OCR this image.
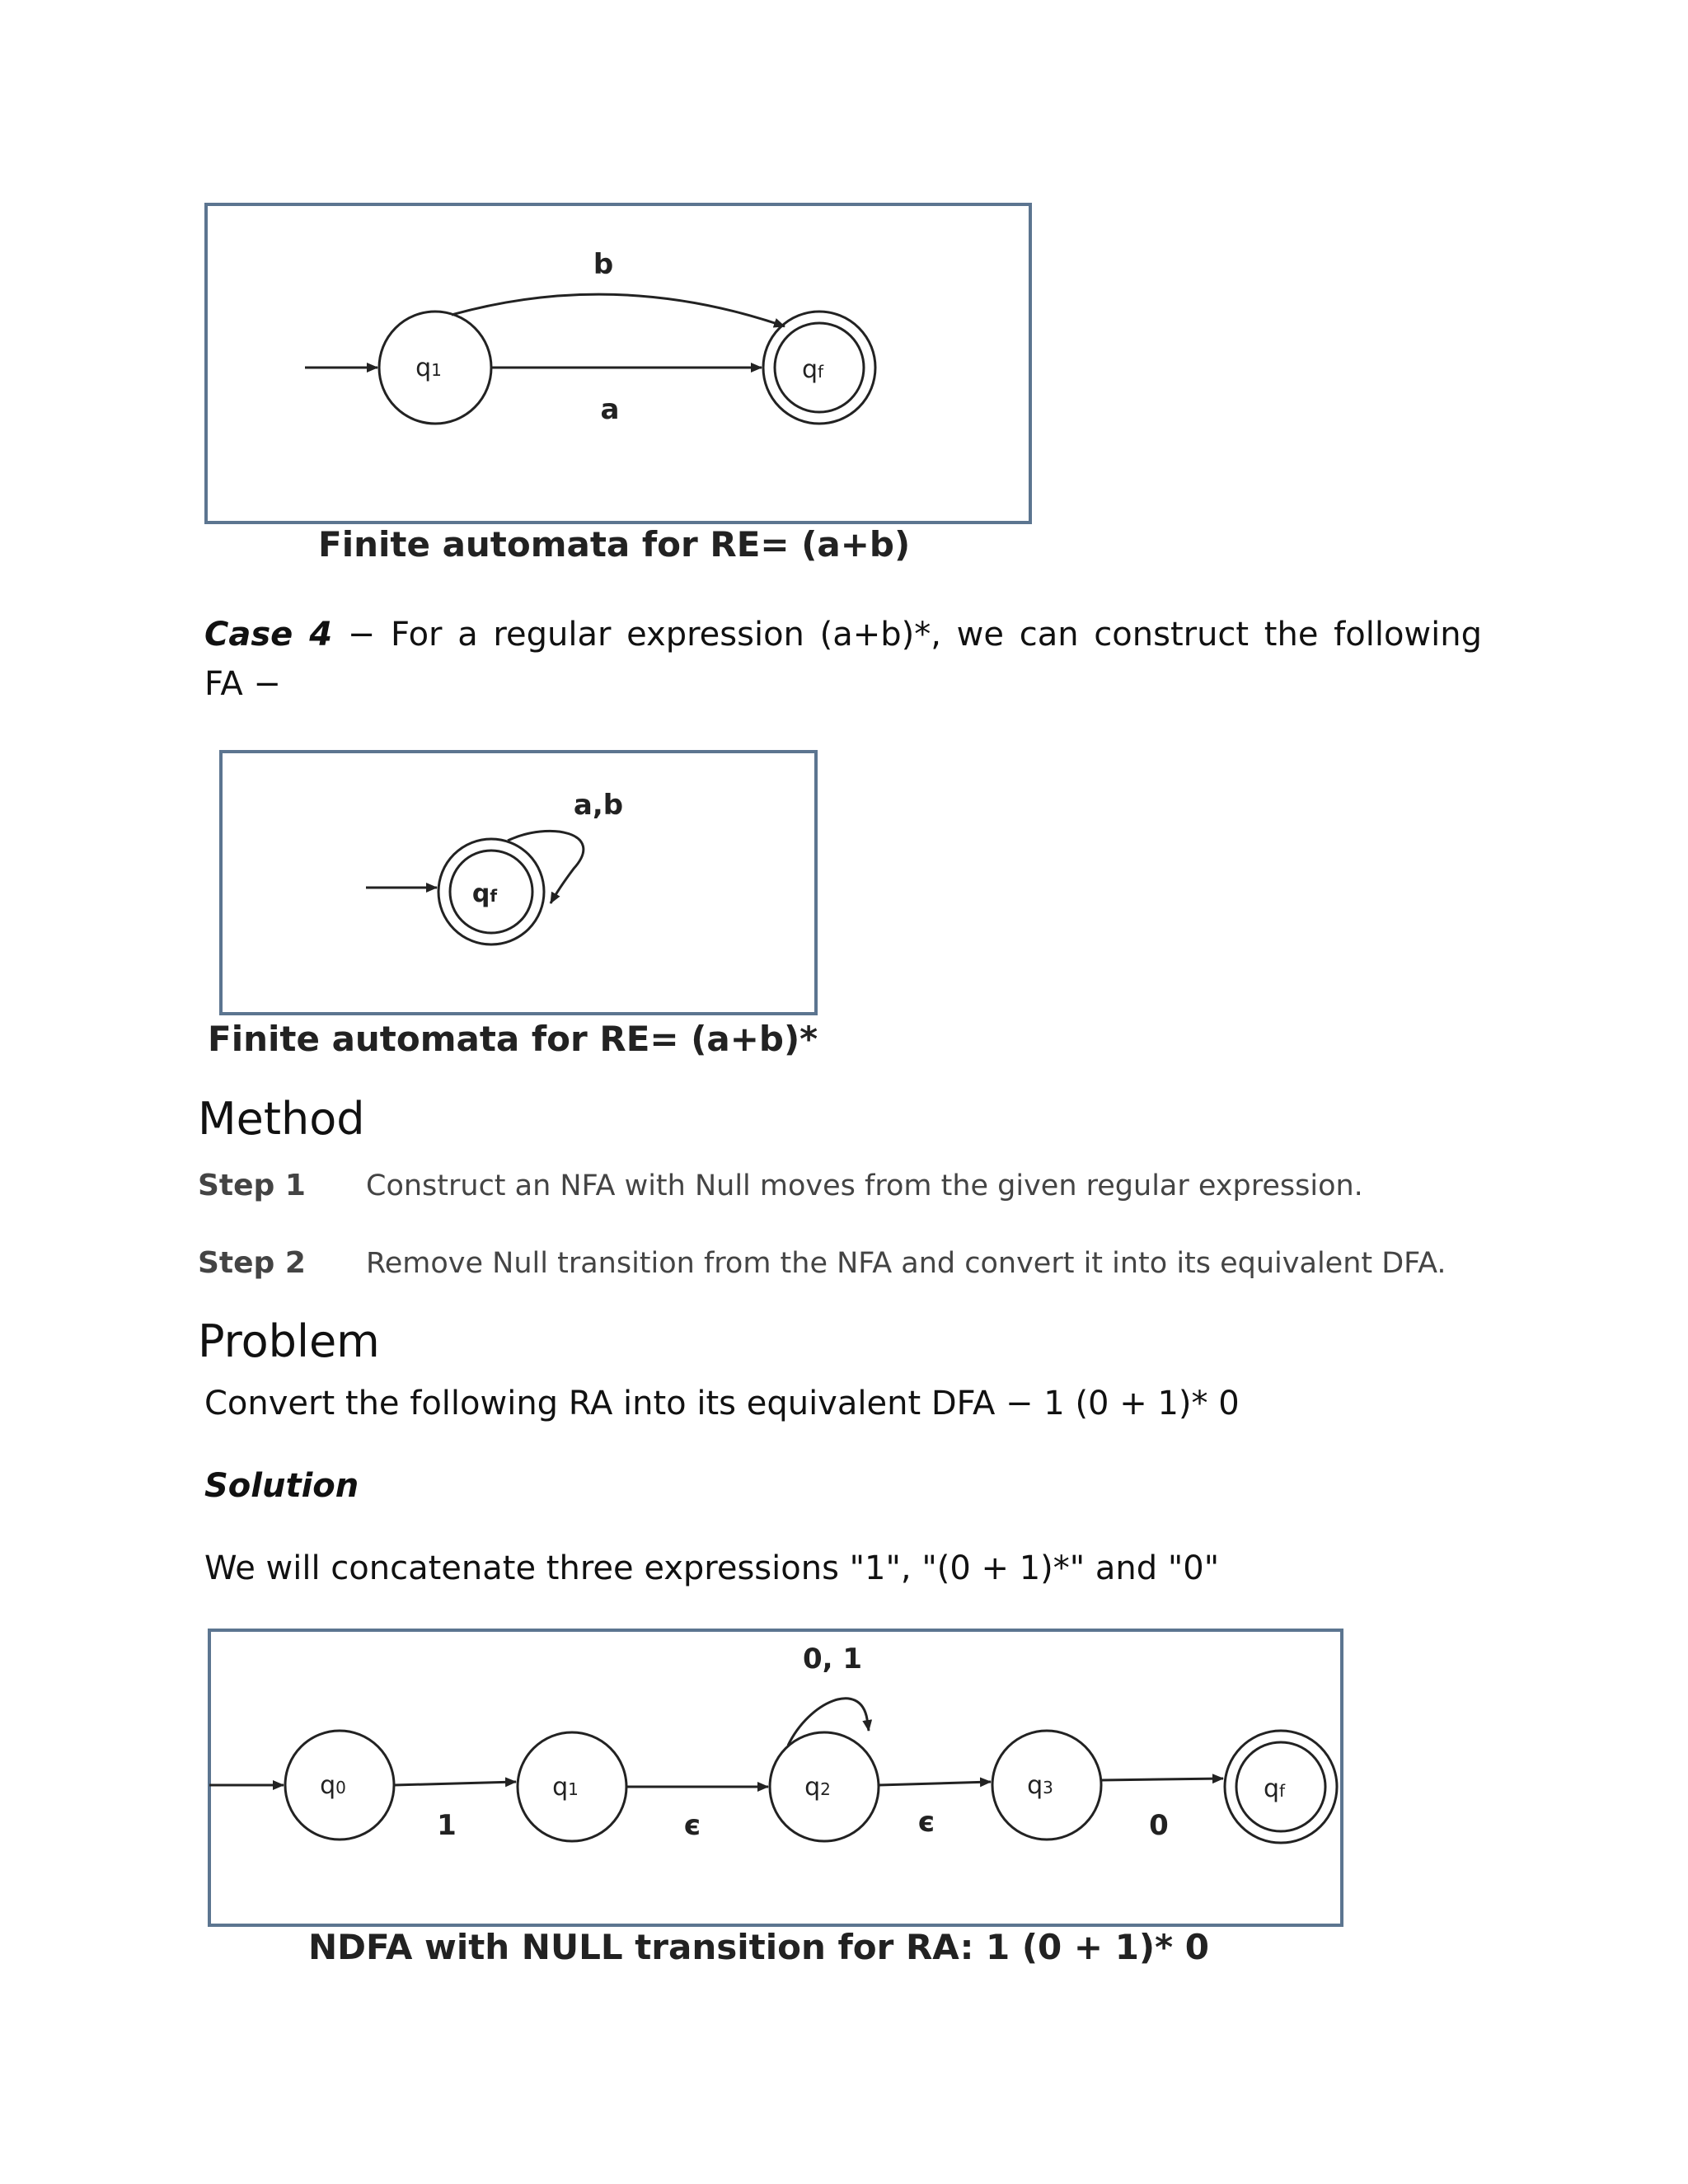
q1	qf
a
b
Finite automata for RE= (a+b)
Case 4 − For a regular expression (a+b)*, we can construct the following
FA −
qf
a,b
Finite automata for RE= (a+b)*
Method
Step 1 Construct an NFA with Null moves from the given regular expression.
Step 2 Remove Null transition from the NFA and convert it into its equivalent DFA.
Problem
Convert the following RA into its equivalent DFA − 1 (0 + 1)* 0
Solution
We will concatenate three expressions "1", "(0 + 1)*" and "0"
q0	q1	q2	q3	qf
1	є	є	0
0, 1
NDFA with NULL transition for RA: 1 (0 + 1)* 0
